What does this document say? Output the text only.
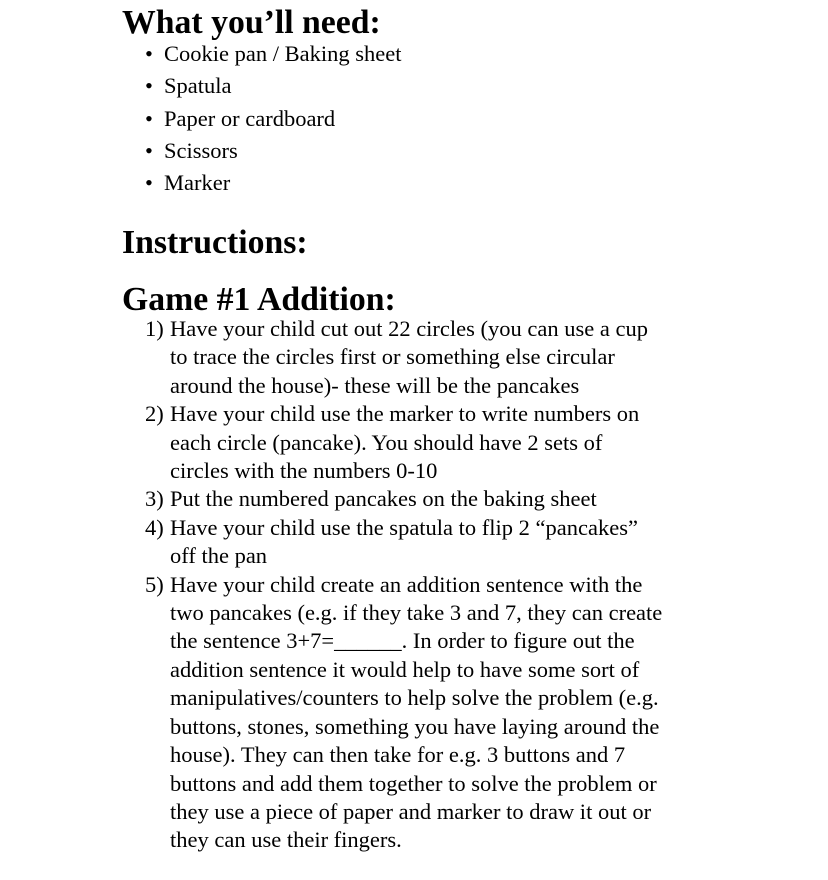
What you’ll need:
• Cookie pan / Baking sheet
• Spatula
• Paper or cardboard
• Scissors
• Marker
Instructions:
Game #1 Addition:
1) Have your child cut out 22 circles (you can use a cup
to trace the circles first or something else circular
around the house)- these will be the pancakes
2) Have your child use the marker to write numbers on
each circle (pancake). You should have 2 sets of
circles with the numbers 0-10
3) Put the numbered pancakes on the baking sheet
4) Have your child use the spatula to flip 2 “pancakes”
off the pan
5) Have your child create an addition sentence with the
two pancakes (e.g. if they take 3 and 7, they can create
the sentence 3+7=______. In order to figure out the
addition sentence it would help to have some sort of
manipulatives/counters to help solve the problem (e.g.
buttons, stones, something you have laying around the
house). They can then take for e.g. 3 buttons and 7
buttons and add them together to solve the problem or
they use a piece of paper and marker to draw it out or
they can use their fingers.
